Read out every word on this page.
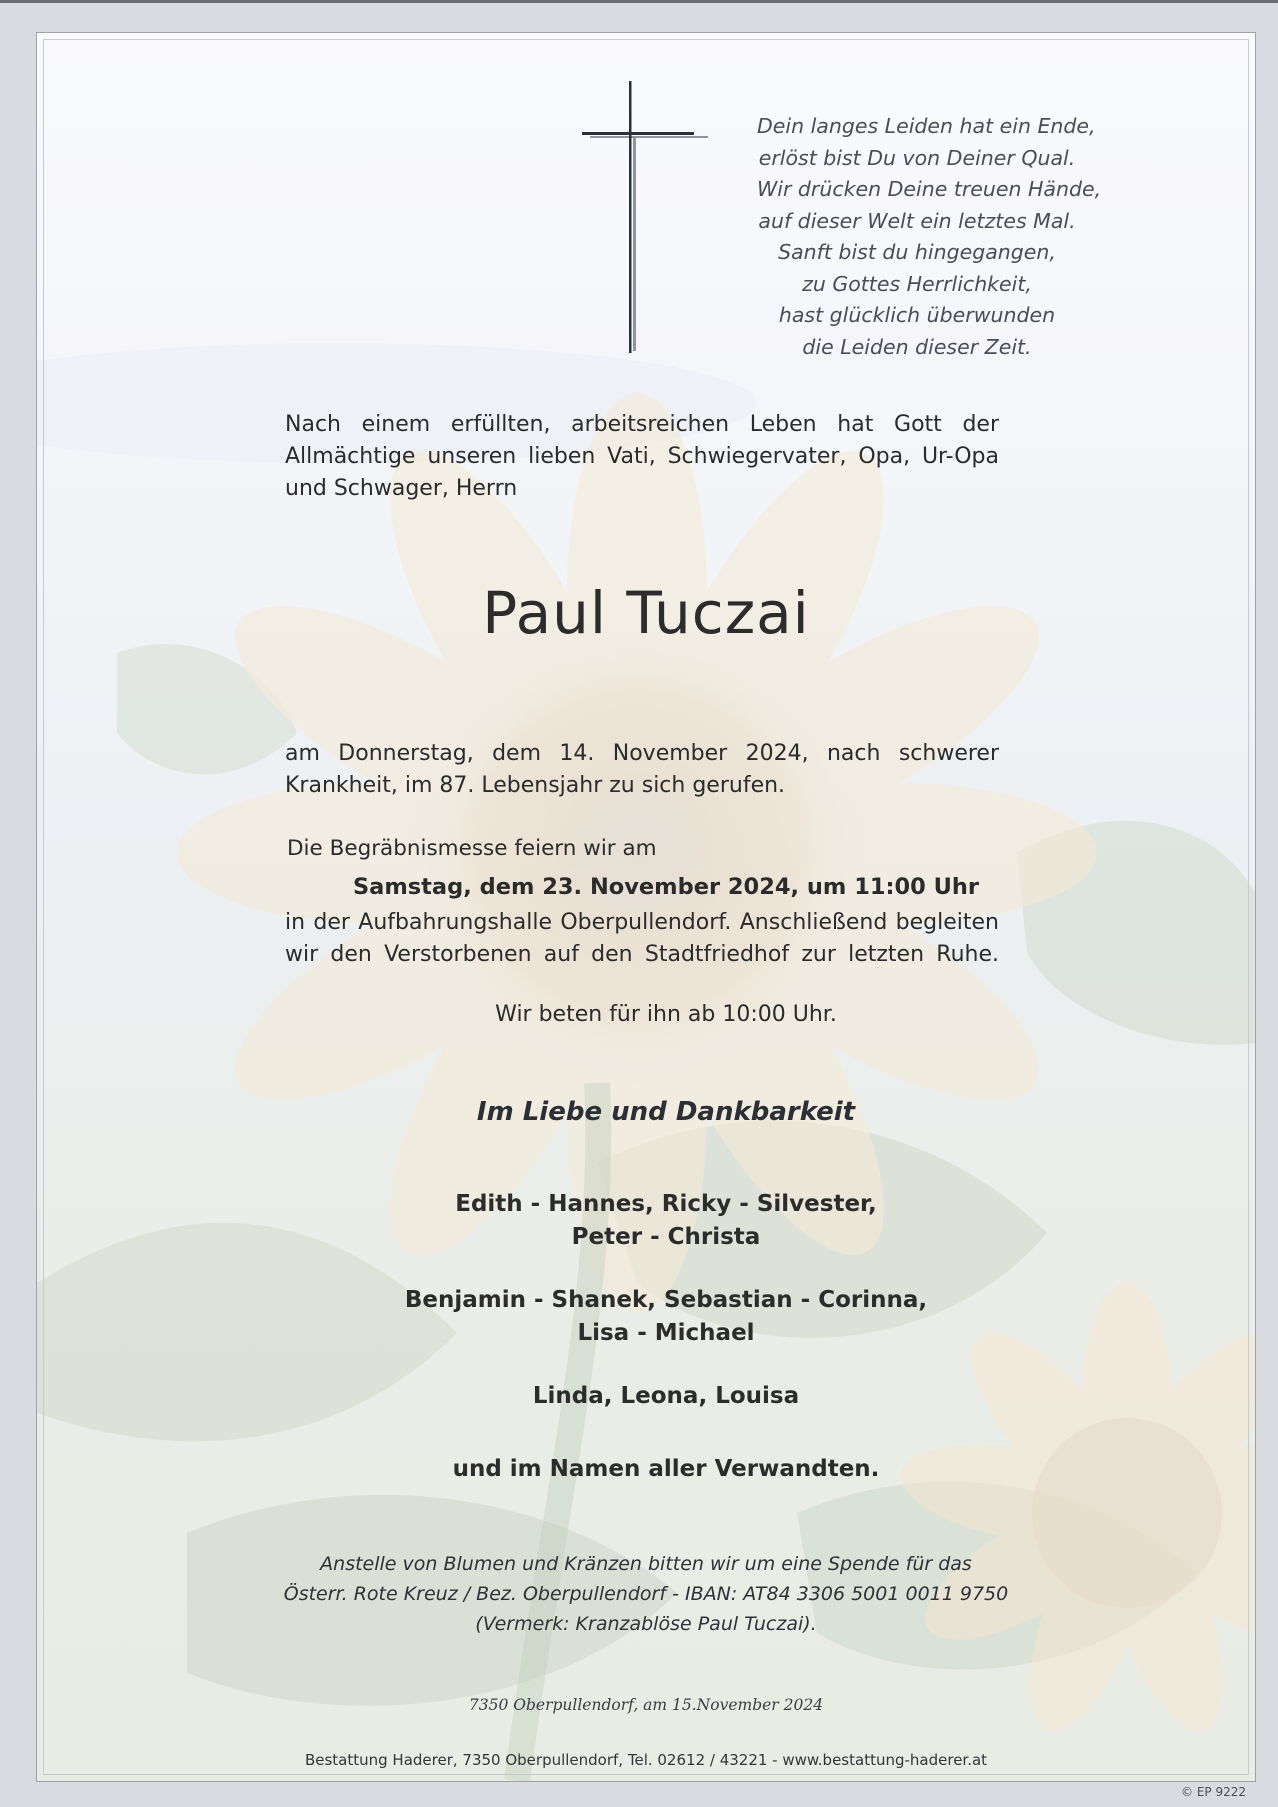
Dein langes Leiden hat ein Ende,
erlöst bist Du von Deiner Qual.
Wir drücken Deine treuen Hände,
auf dieser Welt ein letztes Mal.
Sanft bist du hingegangen,
zu Gottes Herrlichkeit,
hast glücklich überwunden
die Leiden dieser Zeit.
Nach einem erfüllten, arbeitsreichen Leben hat Gott der Allmächtige unseren lieben Vati, Schwiegervater, Opa, Ur-Opa und Schwager, Herrn
Paul Tuczai
am Donnerstag, dem 14. November 2024, nach schwerer Krankheit, im 87. Lebensjahr zu sich gerufen.
Die Begräbnismesse feiern wir am
Samstag, dem 23. November 2024, um 11:00 Uhr
in der Aufbahrungshalle Oberpullendorf. Anschließend begleiten wir den Verstorbenen auf den Stadtfriedhof zur letzten Ruhe.
Wir beten für ihn ab 10:00 Uhr.
Im Liebe und Dankbarkeit
Edith - Hannes, Ricky - Silvester,
Peter - Christa
Benjamin - Shanek, Sebastian - Corinna,
Lisa - Michael
Linda, Leona, Louisa
und im Namen aller Verwandten.
Anstelle von Blumen und Kränzen bitten wir um eine Spende für das
Österr. Rote Kreuz / Bez. Oberpullendorf - IBAN: AT84 3306 5001 0011 9750
(Vermerk: Kranzablöse Paul Tuczai).
7350 Oberpullendorf, am 15.November 2024
Bestattung Haderer, 7350 Oberpullendorf, Tel. 02612 / 43221 - www.bestattung-haderer.at
© EP 9222
